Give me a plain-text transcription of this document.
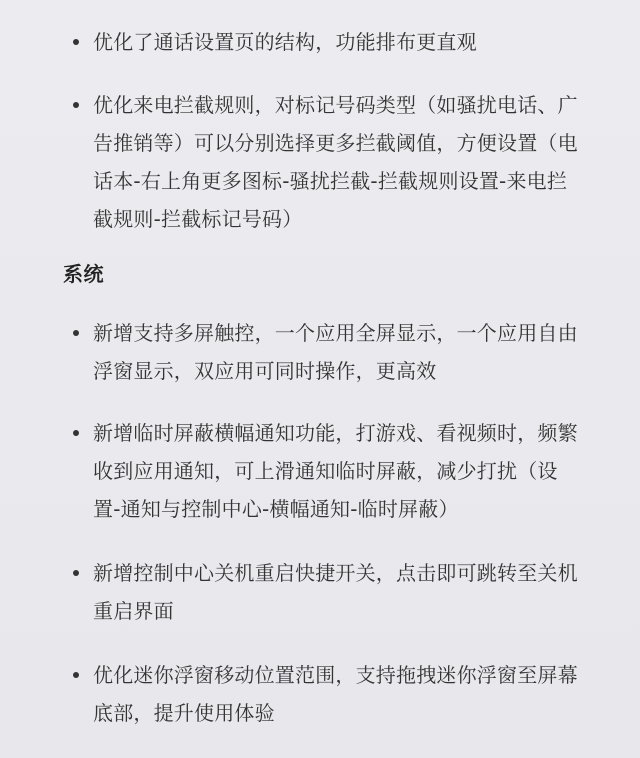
优化了通话设置页的结构，功能排布更直观
优化来电拦截规则，对标记号码类型（如骚扰电话、广告推销等）可以分别选择更多拦截阈值，方便设置（电话本-右上角更多图标-骚扰拦截-拦截规则设置-来电拦截规则-拦截标记号码）
系统
新增支持多屏触控，一个应用全屏显示，一个应用自由浮窗显示，双应用可同时操作，更高效
新增临时屏蔽横幅通知功能，打游戏、看视频时，频繁收到应用通知，可上滑通知临时屏蔽，减少打扰（设置-通知与控制中心-横幅通知-临时屏蔽）
新增控制中心关机重启快捷开关，点击即可跳转至关机重启界面
优化迷你浮窗移动位置范围，支持拖拽迷你浮窗至屏幕底部，提升使用体验
